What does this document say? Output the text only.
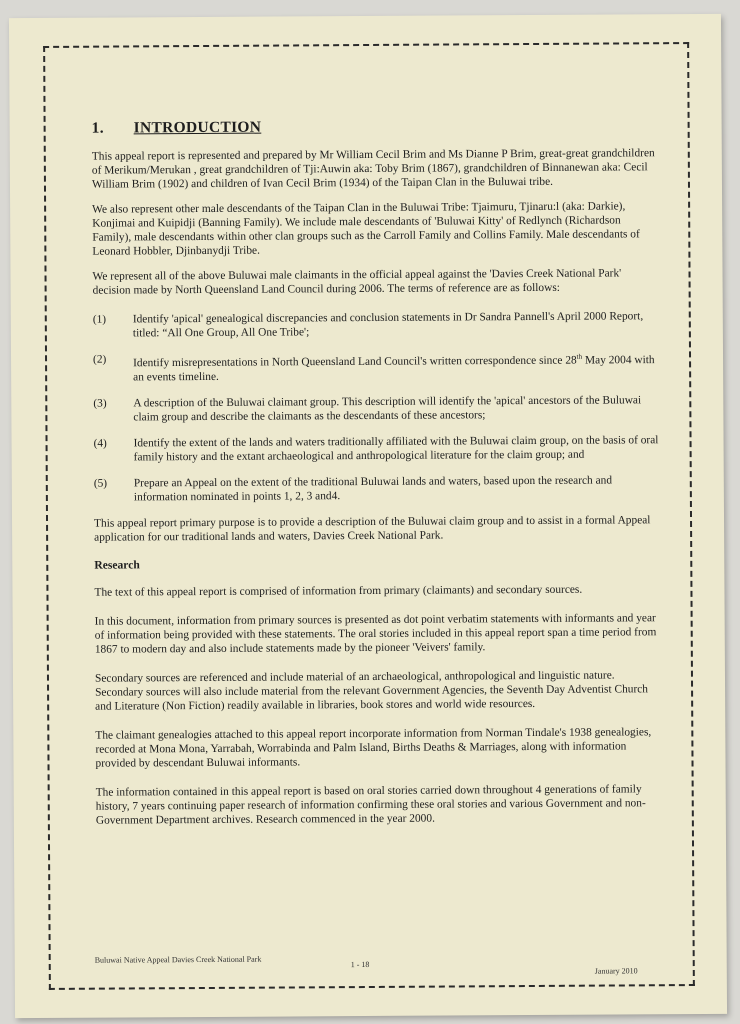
1. INTRODUCTION

This appeal report is represented and prepared by Mr William Cecil Brim and Ms Dianne P Brim, great-great grandchildren of Merikum/Merukan , great grandchildren of Tji:Auwin aka: Toby Brim (1867), grandchildren of Binnanewan aka: Cecil William Brim (1902) and children of Ivan Cecil Brim (1934) of the Taipan Clan in the Buluwai tribe.

We also represent other male descendants of the Taipan Clan in the Buluwai Tribe: Tjaimuru, Tjinaru:l (aka: Darkie), Konjimai and Kuipidji (Banning Family). We include male descendants of 'Buluwai Kitty' of Redlynch (Richardson Family), male descendants within other clan groups such as the Carroll Family and Collins Family. Male descendants of Leonard Hobbler, Djinbanydji Tribe.

We represent all of the above Buluwai male claimants in the official appeal against the 'Davies Creek National Park' decision made by North Queensland Land Council during 2006. The terms of reference are as follows:

(1)	Identify 'apical' genealogical discrepancies and conclusion statements in Dr Sandra Pannell's April 2000 Report, titled: “All One Group, All One Tribe';
(2)	Identify misrepresentations in North Queensland Land Council's written correspondence since 28th May 2004 with an events timeline.
(3)	A description of the Buluwai claimant group. This description will identify the 'apical' ancestors of the Buluwai claim group and describe the claimants as the descendants of these ancestors;
(4)	Identify the extent of the lands and waters traditionally affiliated with the Buluwai claim group, on the basis of oral family history and the extant archaeological and anthropological literature for the claim group; and
(5)	Prepare an Appeal on the extent of the traditional Buluwai lands and waters, based upon the research and information nominated in points 1, 2, 3 and4.

This appeal report primary purpose is to provide a description of the Buluwai claim group and to assist in a formal Appeal application for our traditional lands and waters, Davies Creek National Park.

Research

The text of this appeal report is comprised of information from primary (claimants) and secondary sources.

In this document, information from primary sources is presented as dot point verbatim statements with informants and year of information being provided with these statements. The oral stories included in this appeal report span a time period from 1867 to modern day and also include statements made by the pioneer 'Veivers' family.

Secondary sources are referenced and include material of an archaeological, anthropological and linguistic nature. Secondary sources will also include material from the relevant Government Agencies, the Seventh Day Adventist Church and Literature (Non Fiction) readily available in libraries, book stores and world wide resources.

The claimant genealogies attached to this appeal report incorporate information from Norman Tindale's 1938 genealogies, recorded at Mona Mona, Yarrabah, Worrabinda and Palm Island, Births Deaths & Marriages, along with information provided by descendant Buluwai informants.

The information contained in this appeal report is based on oral stories carried down throughout 4 generations of family history, 7 years continuing paper research of information confirming these oral stories and various Government and non-Government Department archives. Research commenced in the year 2000.

Buluwai Native Appeal Davies Creek National Park	1 - 18
January 2010
